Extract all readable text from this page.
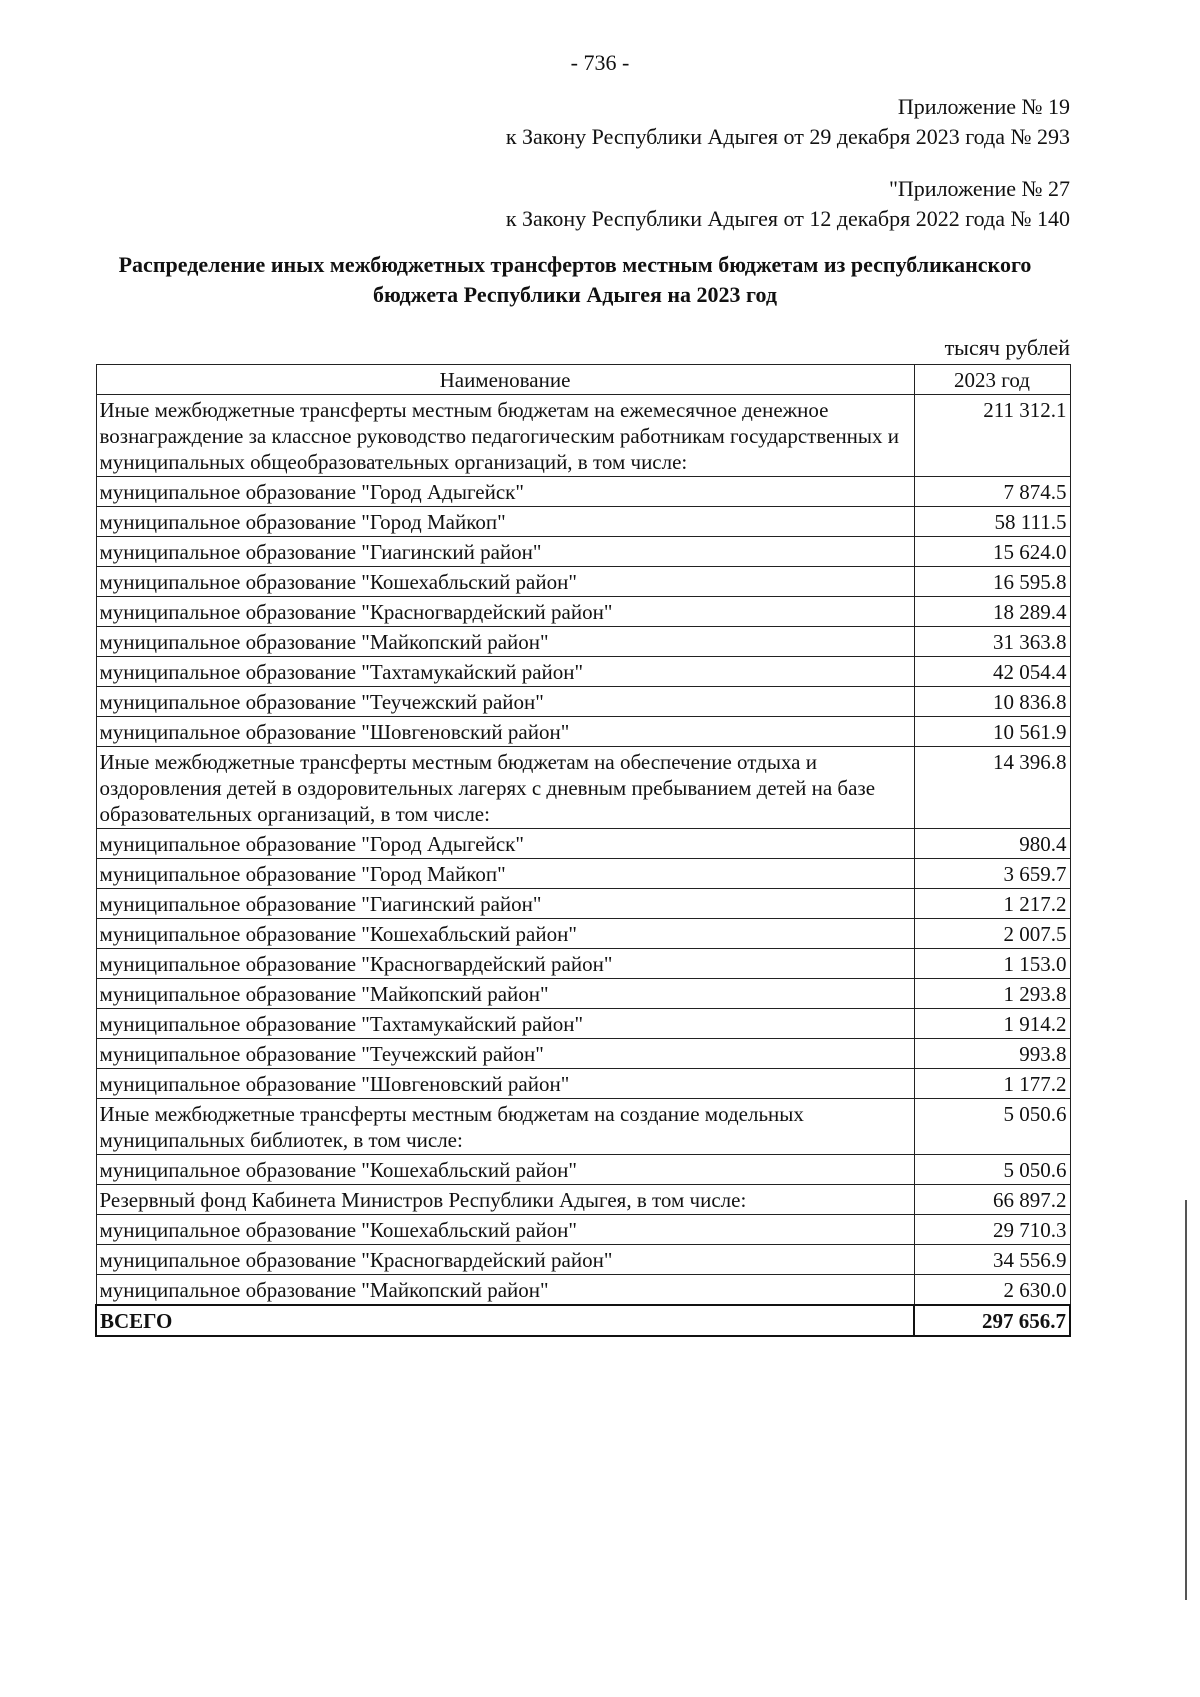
- 736 -
Приложение № 19
к Закону Республики Адыгея от 29 декабря 2023 года № 293
"Приложение № 27
к Закону Республики Адыгея от 12 декабря 2022 года № 140
Распределение иных межбюджетных трансфертов местным бюджетам из республиканского бюджета Республики Адыгея на 2023 год
тысяч рублей
Наименование	2023 год
Иные межбюджетные трансферты местным бюджетам на ежемесячное денежное вознаграждение за классное руководство педагогическим работникам государственных и муниципальных общеобразовательных организаций, в том числе:	211 312.1
муниципальное образование "Город Адыгейск"	7 874.5
муниципальное образование "Город Майкоп"	58 111.5
муниципальное образование "Гиагинский район"	15 624.0
муниципальное образование "Кошехабльский район"	16 595.8
муниципальное образование "Красногвардейский район"	18 289.4
муниципальное образование "Майкопский район"	31 363.8
муниципальное образование "Тахтамукайский район"	42 054.4
муниципальное образование "Теучежский район"	10 836.8
муниципальное образование "Шовгеновский район"	10 561.9
Иные межбюджетные трансферты местным бюджетам на обеспечение отдыха и оздоровления детей в оздоровительных лагерях с дневным пребыванием детей на базе образовательных организаций, в том числе:	14 396.8
муниципальное образование "Город Адыгейск"	980.4
муниципальное образование "Город Майкоп"	3 659.7
муниципальное образование "Гиагинский район"	1 217.2
муниципальное образование "Кошехабльский район"	2 007.5
муниципальное образование "Красногвардейский район"	1 153.0
муниципальное образование "Майкопский район"	1 293.8
муниципальное образование "Тахтамукайский район"	1 914.2
муниципальное образование "Теучежский район"	993.8
муниципальное образование "Шовгеновский район"	1 177.2
Иные межбюджетные трансферты местным бюджетам на создание модельных муниципальных библиотек, в том числе:	5 050.6
муниципальное образование "Кошехабльский район"	5 050.6
Резервный фонд Кабинета Министров Республики Адыгея, в том числе:	66 897.2
муниципальное образование "Кошехабльский район"	29 710.3
муниципальное образование "Красногвардейский район"	34 556.9
муниципальное образование "Майкопский район"	2 630.0
ВСЕГО	297 656.7
